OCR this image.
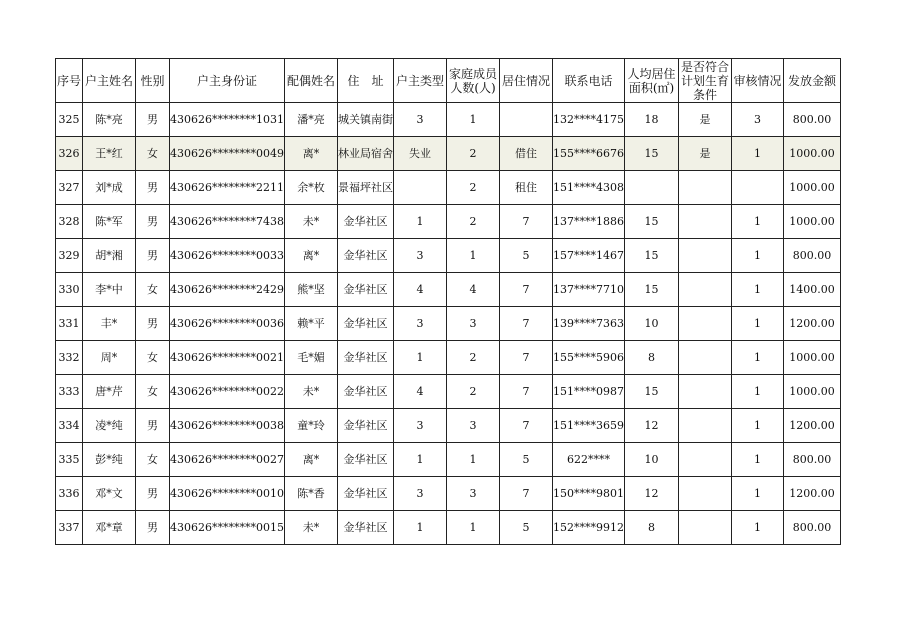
序号	户主姓名	性别	户主身份证	配偶姓名	住　址	户主类型	家庭成员人数(人)	居住情况	联系电话	人均居住面积(㎡)	是否符合计划生育条件	审核情况	发放金额
325	陈*亮	男	430626********1031	潘*亮	城关镇南街	3	1		132****4175	18	是	3	800.00
326	王*红	女	430626********0049	离*	林业局宿舍	失业	2	借住	155****6676	15	是	1	1000.00
327	刘*成	男	430626********2211	余*枚	景福坪社区		2	租住	151****4308				1000.00
328	陈*军	男	430626********7438	未*	金华社区	1	2	7	137****1886	15		1	1000.00
329	胡*湘	男	430626********0033	离*	金华社区	3	1	5	157****1467	15		1	800.00
330	李*中	女	430626********2429	熊*坚	金华社区	4	4	7	137****7710	15		1	1400.00
331	丰*	男	430626********0036	赖*平	金华社区	3	3	7	139****7363	10		1	1200.00
332	周*	女	430626********0021	毛*媚	金华社区	1	2	7	155****5906	8		1	1000.00
333	唐*芹	女	430626********0022	未*	金华社区	4	2	7	151****0987	15		1	1000.00
334	凌*纯	男	430626********0038	童*玲	金华社区	3	3	7	151****3659	12		1	1200.00
335	彭*纯	女	430626********0027	离*	金华社区	1	1	5	622****	10		1	800.00
336	邓*文	男	430626********0010	陈*香	金华社区	3	3	7	150****9801	12		1	1200.00
337	邓*章	男	430626********0015	未*	金华社区	1	1	5	152****9912	8		1	800.00
